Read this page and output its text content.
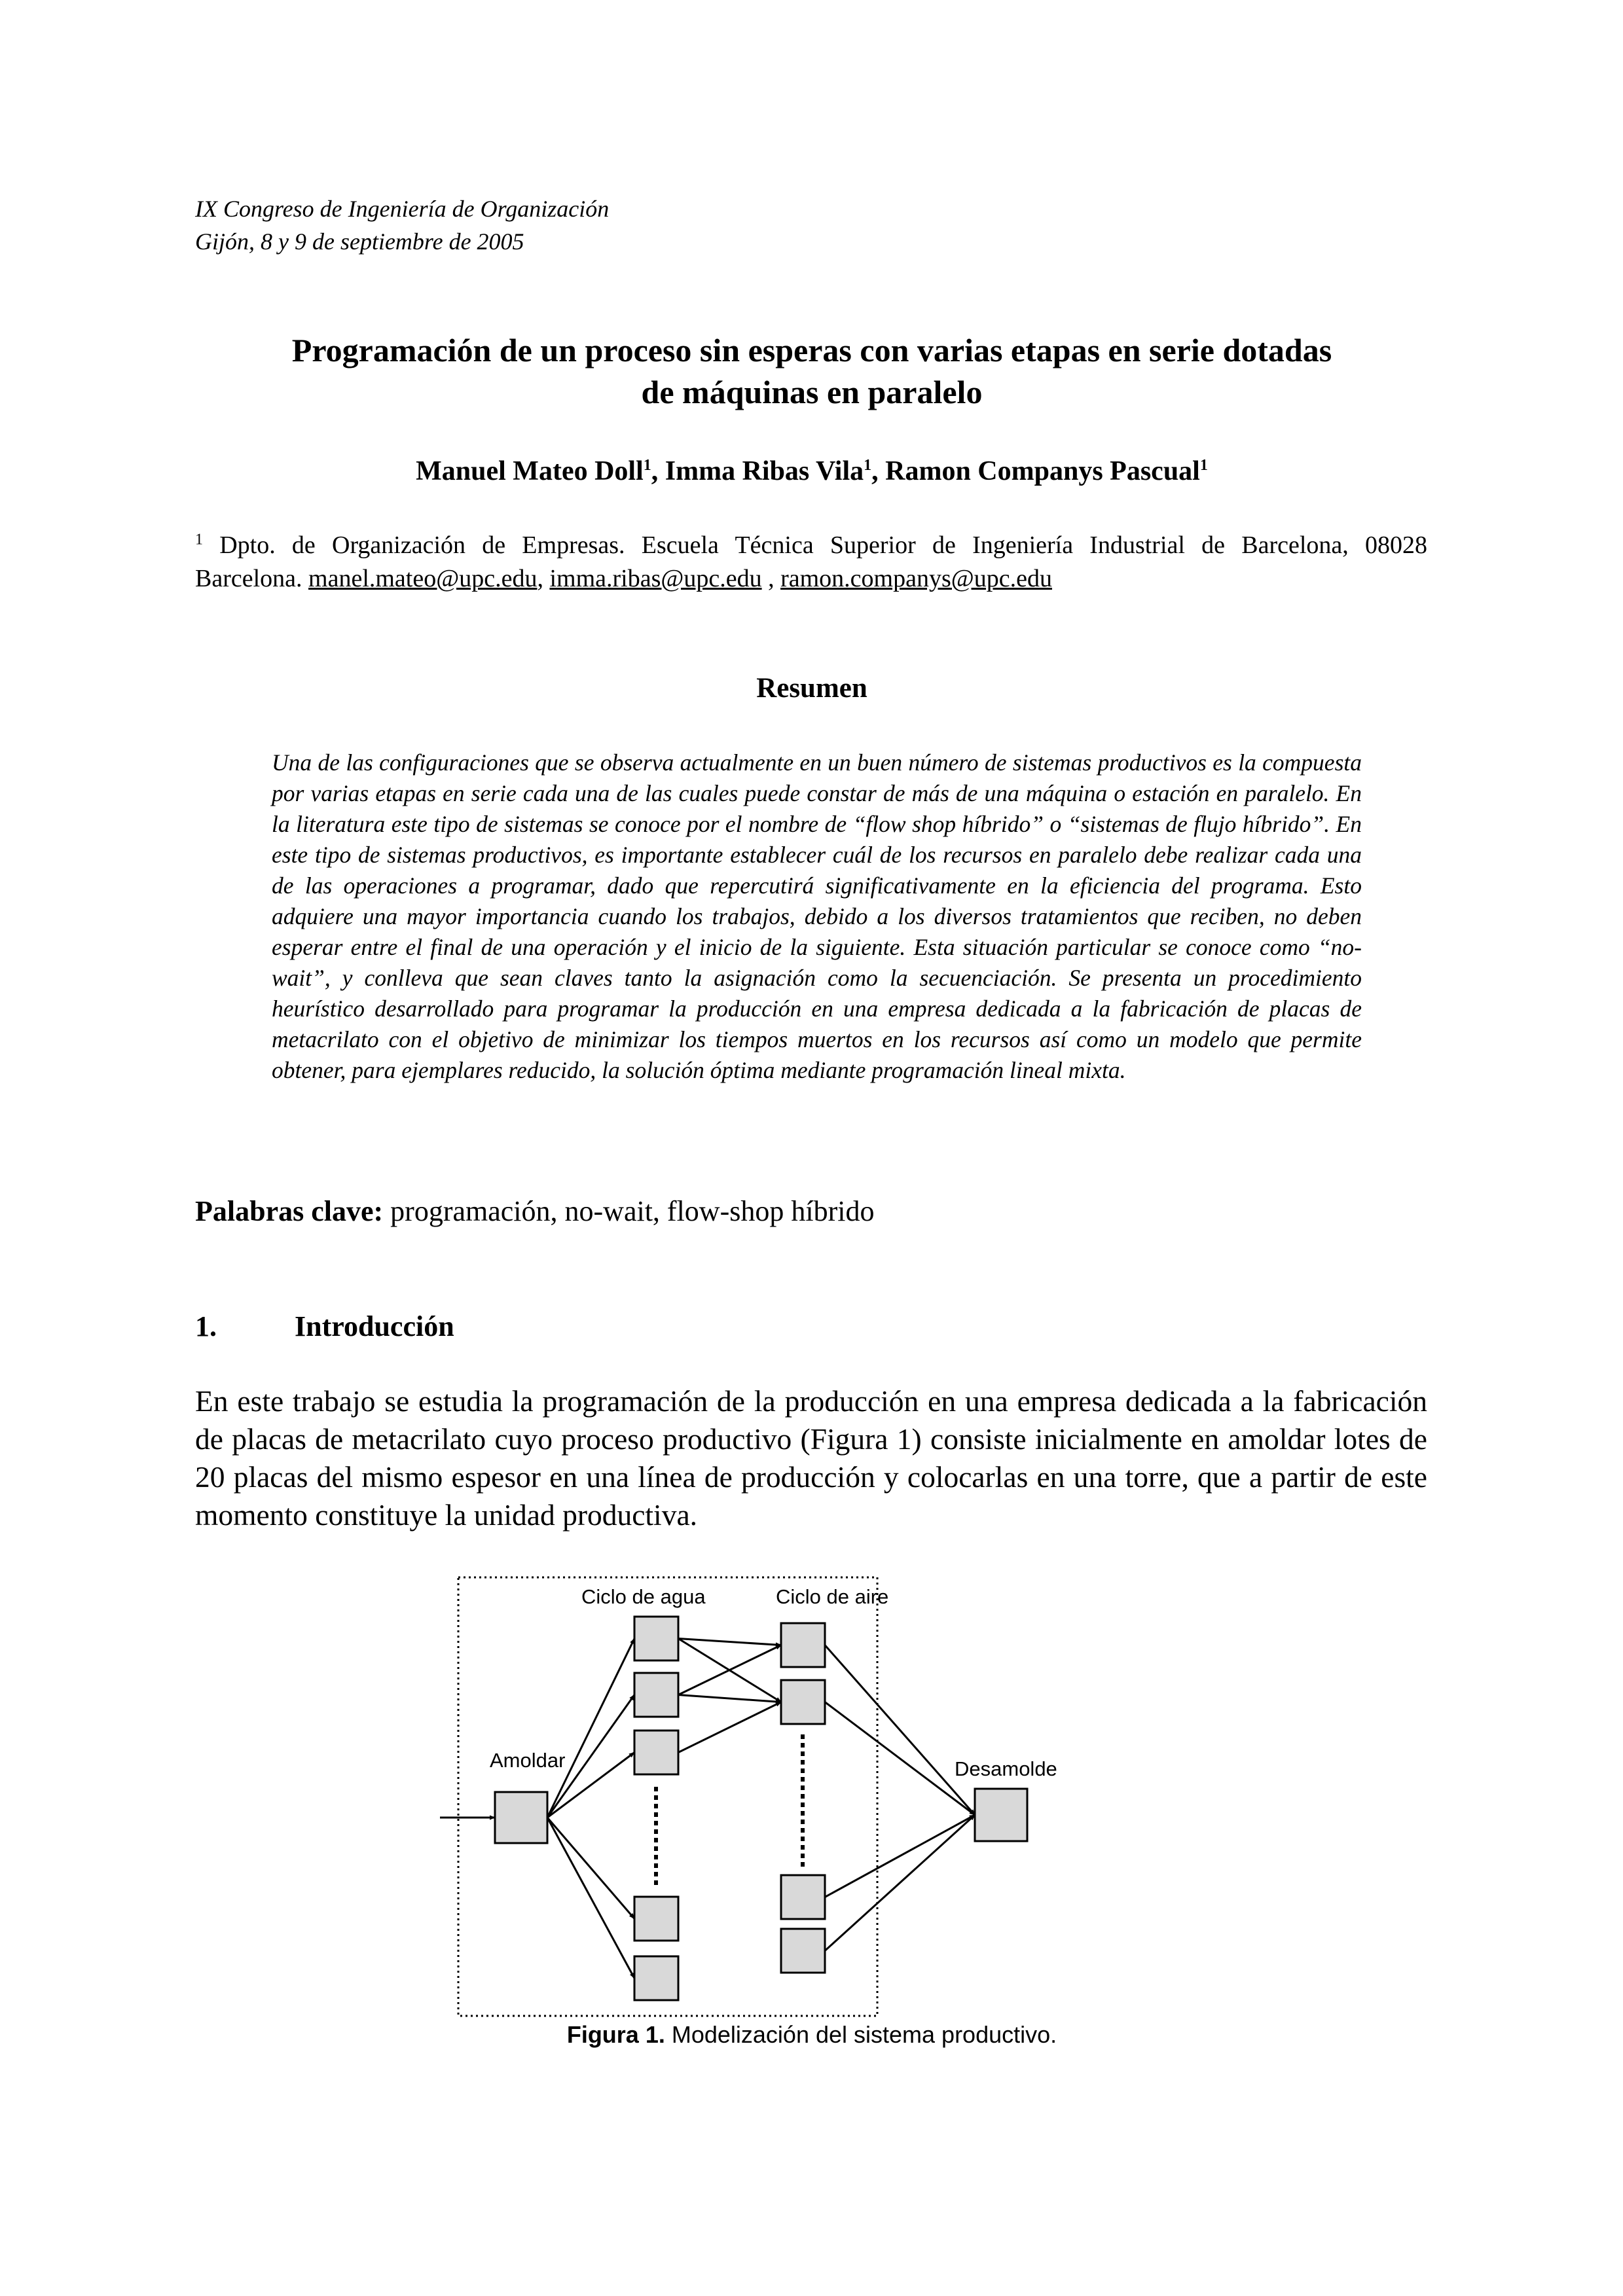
IX Congreso de Ingeniería de Organización
Gijón, 8 y 9 de septiembre de 2005
Programación de un proceso sin esperas con varias etapas en serie dotadas
de máquinas en paralelo
Manuel Mateo Doll$^1$, Imma Ribas Vila$^1$, Ramon Companys Pascual$^1$
$^1$ Dpto. de Organización de Empresas. Escuela Técnica Superior de Ingeniería Industrial de Barcelona, 08028
Barcelona. manel.mateo@upc.edu, imma.ribas@upc.edu , ramon.companys@upc.edu
Resumen
Una de las configuraciones que se observa actualmente en un buen número de sistemas productivos es la compuesta por varias etapas en serie cada una de las cuales puede constar de más de una máquina o estación en paralelo. En la literatura este tipo de sistemas se conoce por el nombre de “flow shop híbrido” o “sistemas de flujo híbrido”. En este tipo de sistemas productivos, es importante establecer cuál de los recursos en paralelo debe realizar cada una de las operaciones a programar, dado que repercutirá significativamente en la eficiencia del programa. Esto adquiere una mayor importancia cuando los trabajos, debido a los diversos tratamientos que reciben, no deben esperar entre el final de una operación y el inicio de la siguiente. Esta situación particular se conoce como “no-wait”, y conlleva que sean claves tanto la asignación como la secuenciación. Se presenta un procedimiento heurístico desarrollado para programar la producción en una empresa dedicada a la fabricación de placas de metacrilato con el objetivo de minimizar los tiempos muertos en los recursos así como un modelo que permite obtener, para ejemplares reducido, la solución óptima mediante programación lineal mixta.
Palabras clave: programación, no-wait, flow-shop híbrido
1.	Introducción
En este trabajo se estudia la programación de la producción en una empresa dedicada a la fabricación de placas de metacrilato cuyo proceso productivo (Figura 1) consiste inicialmente en amoldar lotes de 20 placas del mismo espesor en una línea de producción y colocarlas en una torre, que a partir de este momento constituye la unidad productiva.
Ciclo de agua	Ciclo de aire
Amoldar	Desamolde
Figura 1. Modelización del sistema productivo.
